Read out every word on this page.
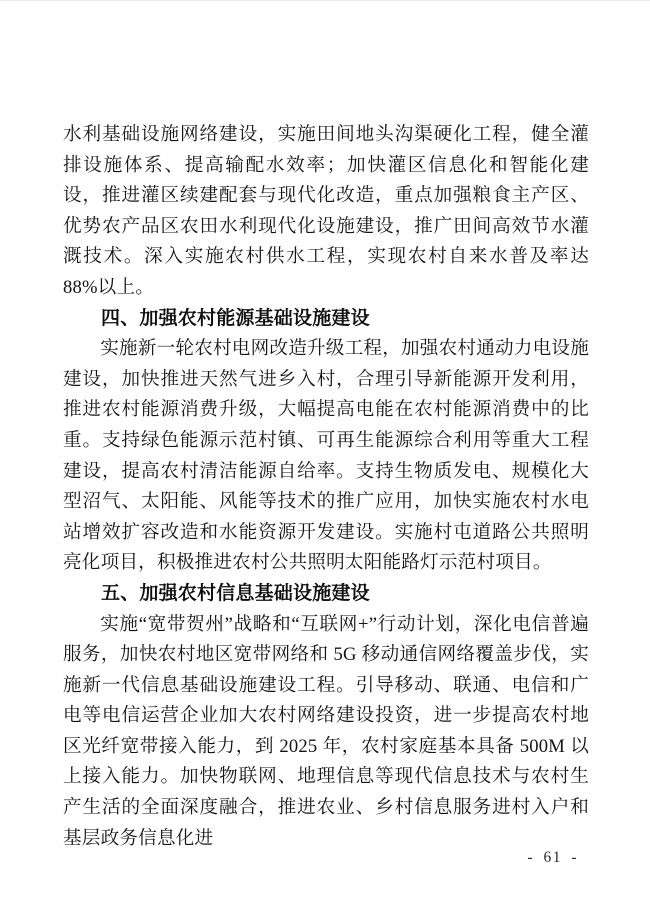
水利基础设施网络建设，实施田间地头沟渠硬化工程，健全灌排设施体系、提高输配水效率；加快灌区信息化和智能化建设，推进灌区续建配套与现代化改造，重点加强粮食主产区、优势农产品区农田水利现代化设施建设，推广田间高效节水灌溉技术。深入实施农村供水工程，实现农村自来水普及率达 88%以上。

四、加强农村能源基础设施建设

实施新一轮农村电网改造升级工程，加强农村通动力电设施建设，加快推进天然气进乡入村，合理引导新能源开发利用，推进农村能源消费升级，大幅提高电能在农村能源消费中的比重。支持绿色能源示范村镇、可再生能源综合利用等重大工程建设，提高农村清洁能源自给率。支持生物质发电、规模化大型沼气、太阳能、风能等技术的推广应用，加快实施农村水电站增效扩容改造和水能资源开发建设。实施村屯道路公共照明亮化项目，积极推进农村公共照明太阳能路灯示范村项目。

五、加强农村信息基础设施建设

实施“宽带贺州”战略和“互联网+”行动计划，深化电信普遍服务，加快农村地区宽带网络和 5G 移动通信网络覆盖步伐，实施新一代信息基础设施建设工程。引导移动、联通、电信和广电等电信运营企业加大农村网络建设投资，进一步提高农村地区光纤宽带接入能力，到 2025 年，农村家庭基本具备 500M 以上接入能力。加快物联网、地理信息等现代信息技术与农村生产生活的全面深度融合，推进农业、乡村信息服务进村入户和基层政务信息化进

- 61 -
